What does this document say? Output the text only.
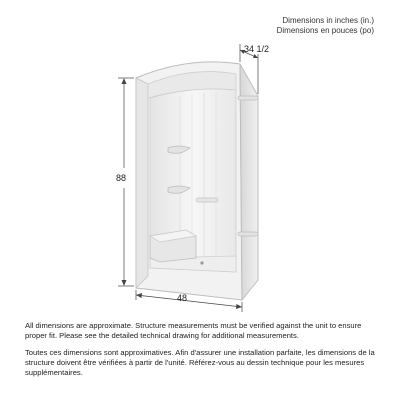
Dimensions in inches (in.)
Dimensions en pouces (po)
88
48
34 1/2

All dimensions are approximate. Structure measurements must be verified against the unit to ensure proper fit. Please see the detailed technical drawing for additional measurements.

Toutes ces dimensions sont approximatives. Afin d'assurer une installation parfaite, les dimensions de la structure doivent être vérifiées à partir de l'unité. Référez-vous au dessin technique pour les mesures supplémentaires.
